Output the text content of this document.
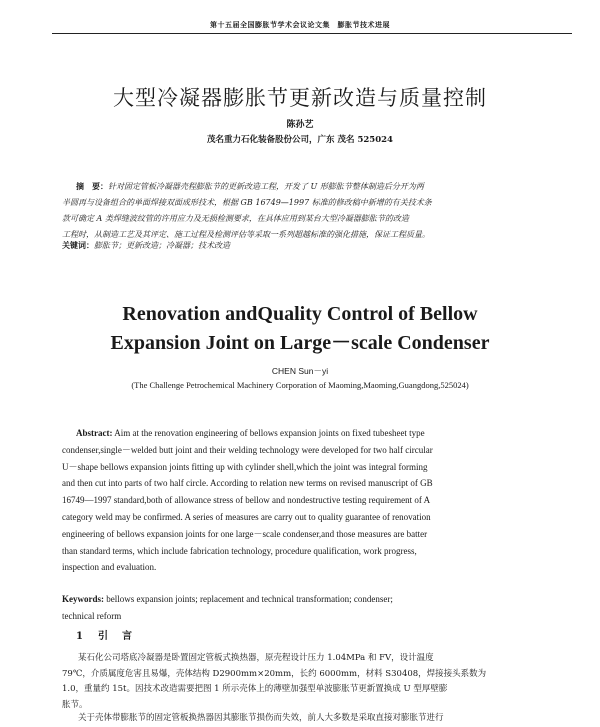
第十五届全国膨胀节学术会议论文集　膨胀节技术进展
大型冷凝器膨胀节更新改造与质量控制
陈孙艺
茂名重力石化装备股份公司，广东 茂名 525024
摘　要：针对固定管板冷凝器壳程膨胀节的更新改造工程，开发了 U 形膨胀节整体制造后分开为两
半圆再与设备组合的单面焊接双面成形技术，根据 GB 16749—1997 标准的修改稿中新增的有关技术条
款可确定 A 类焊缝波纹管的许用应力及无损检测要求，在具体应用到某台大型冷凝器膨胀节的改造
工程时，从制造工艺及其评定、施工过程及检测评估等采取一系列超越标准的强化措施，保证工程质量。
关键词：膨胀节；更新改造；冷凝器；技术改造
Renovation andQuality Control of Bellow
Expansion Joint on Large－scale Condenser
CHEN Sun－yi
(The Challenge Petrochemical Machinery Corporation of Maoming,Maoming,Guangdong,525024)
Abstract: Aim at the renovation engineering of bellows expansion joints on fixed tubesheet type
condenser,single－welded butt joint and their welding technology were developed for two half circular
U－shape bellows expansion joints fitting up with cylinder shell,which the joint was integral forming
and then cut into parts of two half circle. According to relation new terms on revised manuscript of GB
16749—1997 standard,both of allowance stress of bellow and nondestructive testing requirement of A
category weld may be confirmed. A series of measures are carry out to quality guarantee of renovation
engineering of bellows expansion joints for one large－scale condenser,and those measures are batter
than standard terms, which include fabrication technology, procedure qualification, work progress,
inspection and evaluation.
Keywords: bellows expansion joints; replacement and technical transformation; condenser;
technical reform
1 引　言
某石化公司塔底冷凝器是卧置固定管板式换热器，原壳程设计压力 1.04MPa 和 FV，设计温度
79℃，介质属度危害且易爆，壳体结构 D2900mm×20mm，长约 6000mm，材料 S30408，焊接接头系数为
1.0，重量约 15t。因技术改造需要把图 1 所示壳体上的薄壁加强型单波膨胀节更新置换成 U 型厚壁膨
胀节。
关于壳体带膨胀节的固定管板换热器因其膨胀节损伤而失效，前人大多数是采取直接对膨胀节进行
